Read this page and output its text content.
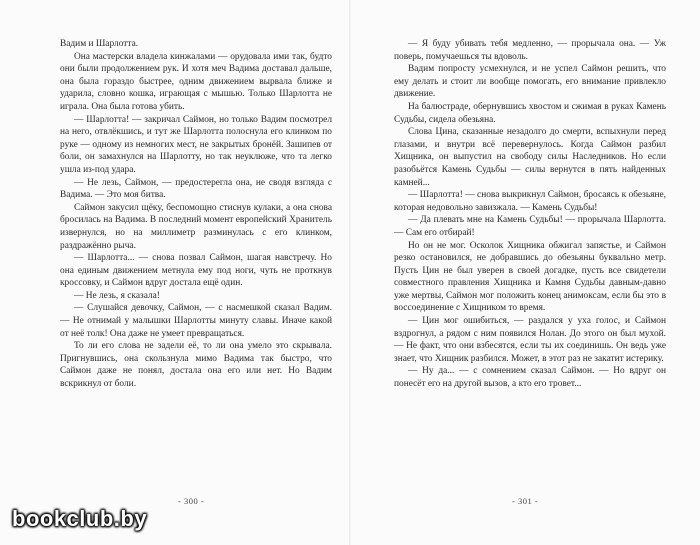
Вадим и Шарлотта.

Она мастерски владела кинжалами — орудовала ими так, будто они были продолжением рук. И хотя меч Вадима доставал дальше, она была гораздо быстрее, одним движением вырвала ближе и ударила, словно кошка, играющая с мышью. Только Шарлотта не играла. Она была готова убить.

— Шарлотта! — закричал Саймон, но только Вадим посмотрел на него, отвлёкшись, и тут же Шарлотта полоснула его клинком по руке — одному из немногих мест, не закрытых бронёй. Зашипев от боли, он замахнулся на Шарлотту, но так неуклюже, что та легко ушла из-под удара.

— Не лезь, Саймон, — предостерегла она, не сводя взгляда с Вадима. — Это моя битва.

Саймон закусил щёку, беспомощно стиснув кулаки, а она снова бросилась на Вадима. В последний момент европейский Хранитель извернулся, но на миллиметр разминулась с его клинком, раздражённо рыча.

— Шарлотта... — снова позвал Саймон, шагая навстречу. Но она единым движением метнула ему под ноги, чуть не проткнув кроссовку, и Саймон вдруг достала ещё один.

— Не лезь, я сказала!

— Слушайся девочку, Саймон, — с насмешкой сказал Вадим. — Не отнимай у малышки Шарлотты минуту славы. Иначе какой от неё толк! Она даже не умеет превращаться.

То ли его слова не задели её, то ли она умело это скрывала. Пригнувшись, она скользнула мимо Вадима так быстро, что Саймон даже не понял, достала она его или нет. Но Вадим вскрикнул от боли.

- 300 -

— Я буду убивать тебя медленно, — прорычала она. — Уж поверь, помучаешься ты вдоволь.

Вадим попросту усмехнулся, и не успел Саймон решить, что ему делать и стоит ли вообще помогать, его внимание привлекло движение.

На балюстраде, обернувшись хвостом и сжимая в руках Камень Судьбы, сидела обезьяна.

Слова Цина, сказанные незадолго до смерти, вспыхнули перед глазами, и внутри всё перевернулось. Когда Саймон разбил Хищника, он выпустил на свободу силы Наследников. Но если разобьётся Камень Судьбы — силы вернутся в пять найденных камней...

— Шарлотта! — снова выкрикнул Саймон, бросаясь к обезьяне, которая недовольно завизжала. — Камень Судьбы!

— Да плевать мне на Камень Судьбы! — прорычала Шарлотта. — Сам его отбирай!

Но он не мог. Осколок Хищника обжигал запястье, и Саймон резко остановился, не добравшись до обезьяны буквально метр. Пусть Цин не был уверен в своей догадке, пусть все свидетели совместного правления Хищника и Камня Судьбы давным-давно уже мертвы, Саймон мог положить конец анимоксам, если бы это в воссоединение с Хищником то время.

— Цин мог ошибиться, — раздался у уха голос, и Саймон вздрогнул, а рядом с ним появился Нолан. До этого он был мухой. — Не факт, что они взбесятся, если ты их соединишь. Он ведь уже знает, что Хищник разбился. Может, в этот раз не закатит истерику.

— Ну да... — с сомнением сказал Саймон. — Но вдруг он понесёт его на другой вызов, а кто его тровет...

- 301 -
bookclub.by
